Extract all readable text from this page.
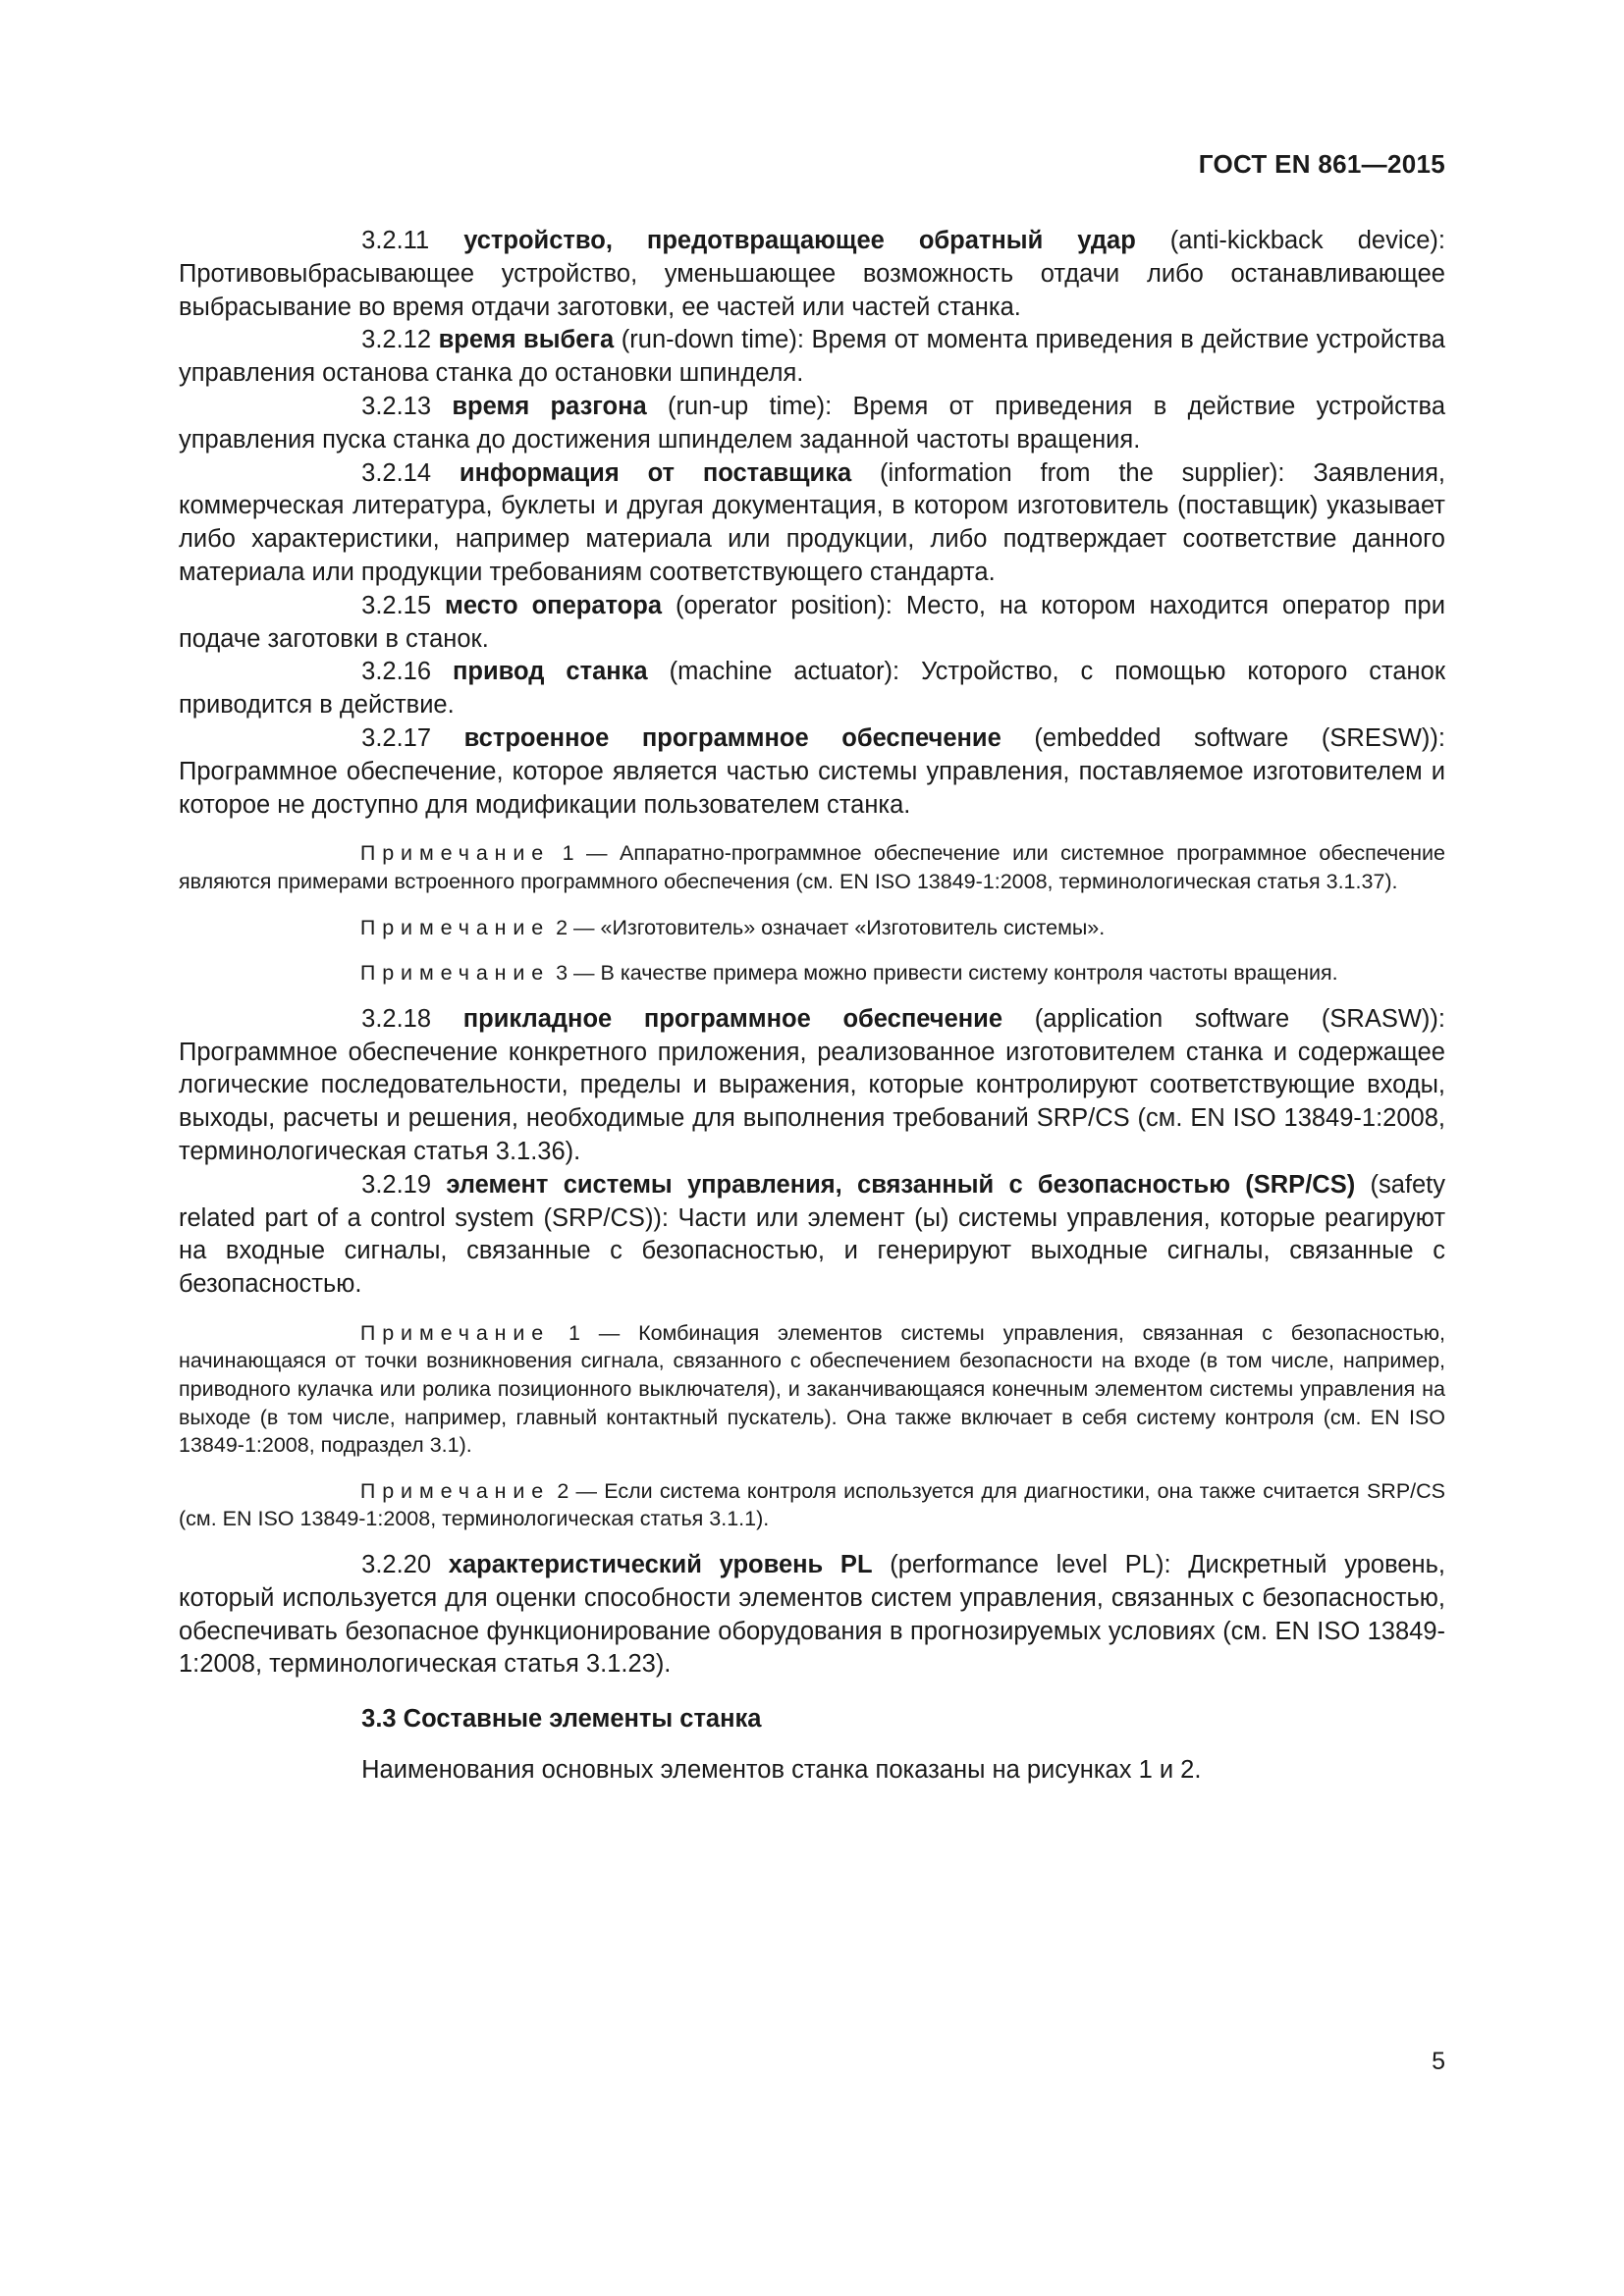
ГОСТ EN 861—2015

3.2.11 устройство, предотвращающее обратный удар (anti-kickback device): Противовыбрасывающее устройство, уменьшающее возможность отдачи либо останавливающее выбрасывание во время отдачи заготовки, ее частей или частей станка.

3.2.12 время выбега (run-down time): Время от момента приведения в действие устройства управления останова станка до остановки шпинделя.

3.2.13 время разгона (run-up time): Время от приведения в действие устройства управления пуска станка до достижения шпинделем заданной частоты вращения.

3.2.14 информация от поставщика (information from the supplier): Заявления, коммерческая литература, буклеты и другая документация, в котором изготовитель (поставщик) указывает либо характеристики, например материала или продукции, либо подтверждает соответствие данного материала или продукции требованиям соответствующего стандарта.

3.2.15 место оператора (operator position): Место, на котором находится оператор при подаче заготовки в станок.

3.2.16 привод станка (machine actuator): Устройство, с помощью которого станок приводится в действие.

3.2.17 встроенное программное обеспечение (embedded software (SRESW)): Программное обеспечение, которое является частью системы управления, поставляемое изготовителем и которое не доступно для модификации пользователем станка.

Примечание 1 — Аппаратно-программное обеспечение или системное программное обеспечение являются примерами встроенного программного обеспечения (см. EN ISO 13849-1:2008, терминологическая статья 3.1.37).

Примечание 2 — «Изготовитель» означает «Изготовитель системы».

Примечание 3 — В качестве примера можно привести систему контроля частоты вращения.

3.2.18 прикладное программное обеспечение (application software (SRASW)): Программное обеспечение конкретного приложения, реализованное изготовителем станка и содержащее логические последовательности, пределы и выражения, которые контролируют соответствующие входы, выходы, расчеты и решения, необходимые для выполнения требований SRP/CS (см. EN ISO 13849-1:2008, терминологическая статья 3.1.36).

3.2.19 элемент системы управления, связанный с безопасностью (SRP/CS) (safety related part of a control system (SRP/CS)): Части или элемент (ы) системы управления, которые реагируют на входные сигналы, связанные с безопасностью, и генерируют выходные сигналы, связанные с безопасностью.

Примечание 1 — Комбинация элементов системы управления, связанная с безопасностью, начинающаяся от точки возникновения сигнала, связанного с обеспечением безопасности на входе (в том числе, например, приводного кулачка или ролика позиционного выключателя), и заканчивающаяся конечным элементом системы управления на выходе (в том числе, например, главный контактный пускатель). Она также включает в себя систему контроля (см. EN ISO 13849-1:2008, подраздел 3.1).

Примечание 2 — Если система контроля используется для диагностики, она также считается SRP/CS (см. EN ISO 13849-1:2008, терминологическая статья 3.1.1).

3.2.20 характеристический уровень PL (performance level PL): Дискретный уровень, который используется для оценки способности элементов систем управления, связанных с безопасностью, обеспечивать безопасное функционирование оборудования в прогнозируемых условиях (см. EN ISO 13849-1:2008, терминологическая статья 3.1.23).

3.3 Составные элементы станка

Наименования основных элементов станка показаны на рисунках 1 и 2.

5
